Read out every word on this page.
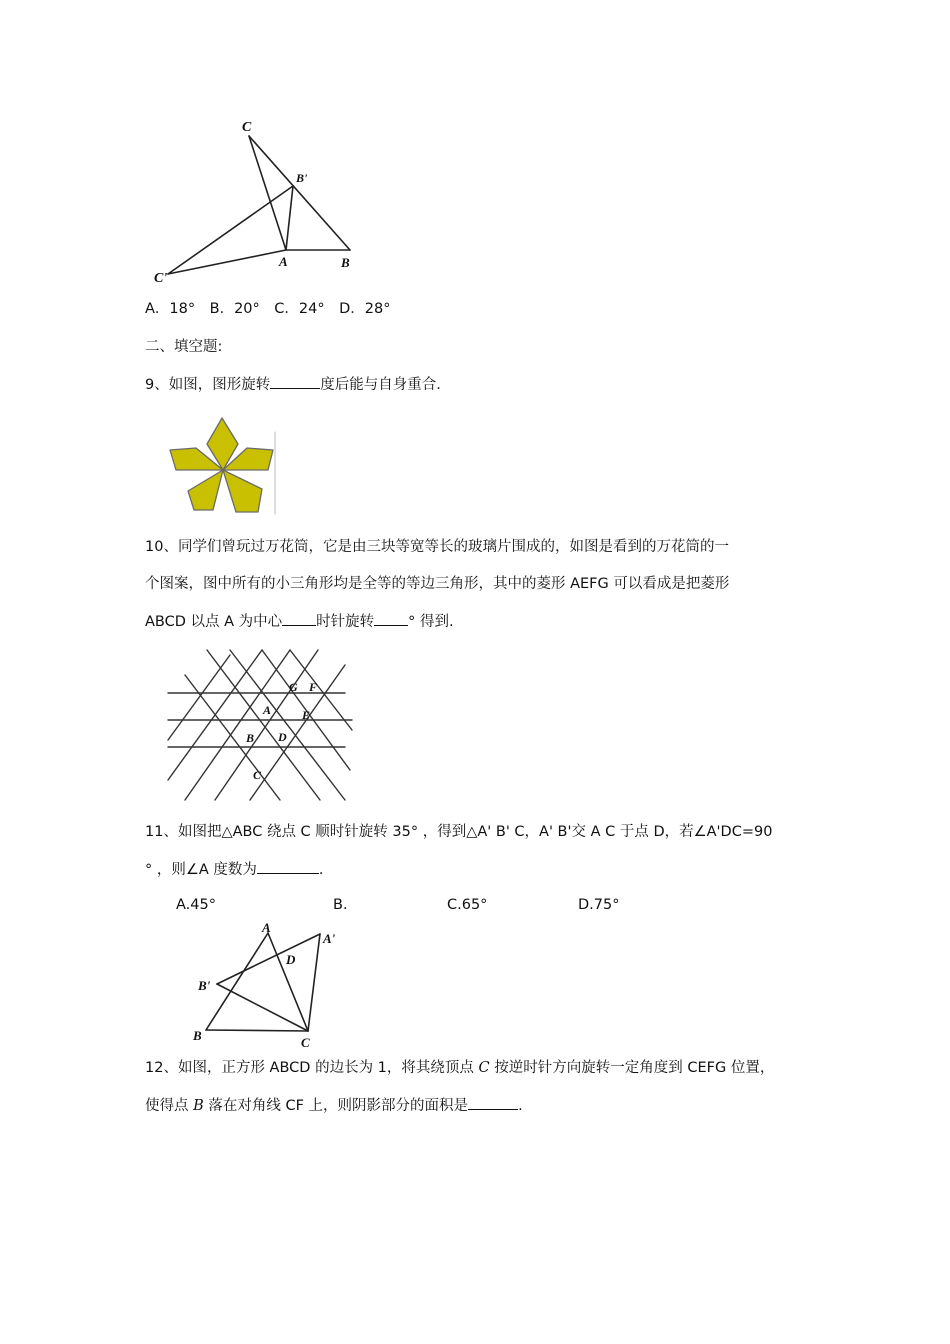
C
B'
C'
A	B
A．18°　B．20°　C．24°　D．28°
二、填空题:
9、如图，图形旋转	度后能与自身重合.
10、同学们曾玩过万花筒，它是由三块等宽等长的玻璃片围成的，如图是看到的万花筒的一
个图案，图中所有的小三角形均是全等的等边三角形，其中的菱形 AEFG 可以看成是把菱形
ABCD 以点 A 为中心 时针旋转 ° 得到.
G F
A	E
B D
C
11、如图把△ABC 绕点 C 顺时针旋转 35° ，得到△A' B' C，A' B'交 A C 于点 D，若∠A'DC=90
° ，则∠A 度数为	.
A.45°	B.	C.65°	D.75°
A
A'
D
B'
B	C
12、如图，正方形 ABCD 的边长为 1，将其绕顶点 C 按逆时针方向旋转一定角度到 CEFG 位置，
使得点 B 落在对角线 CF 上，则阴影部分的面积是	.
